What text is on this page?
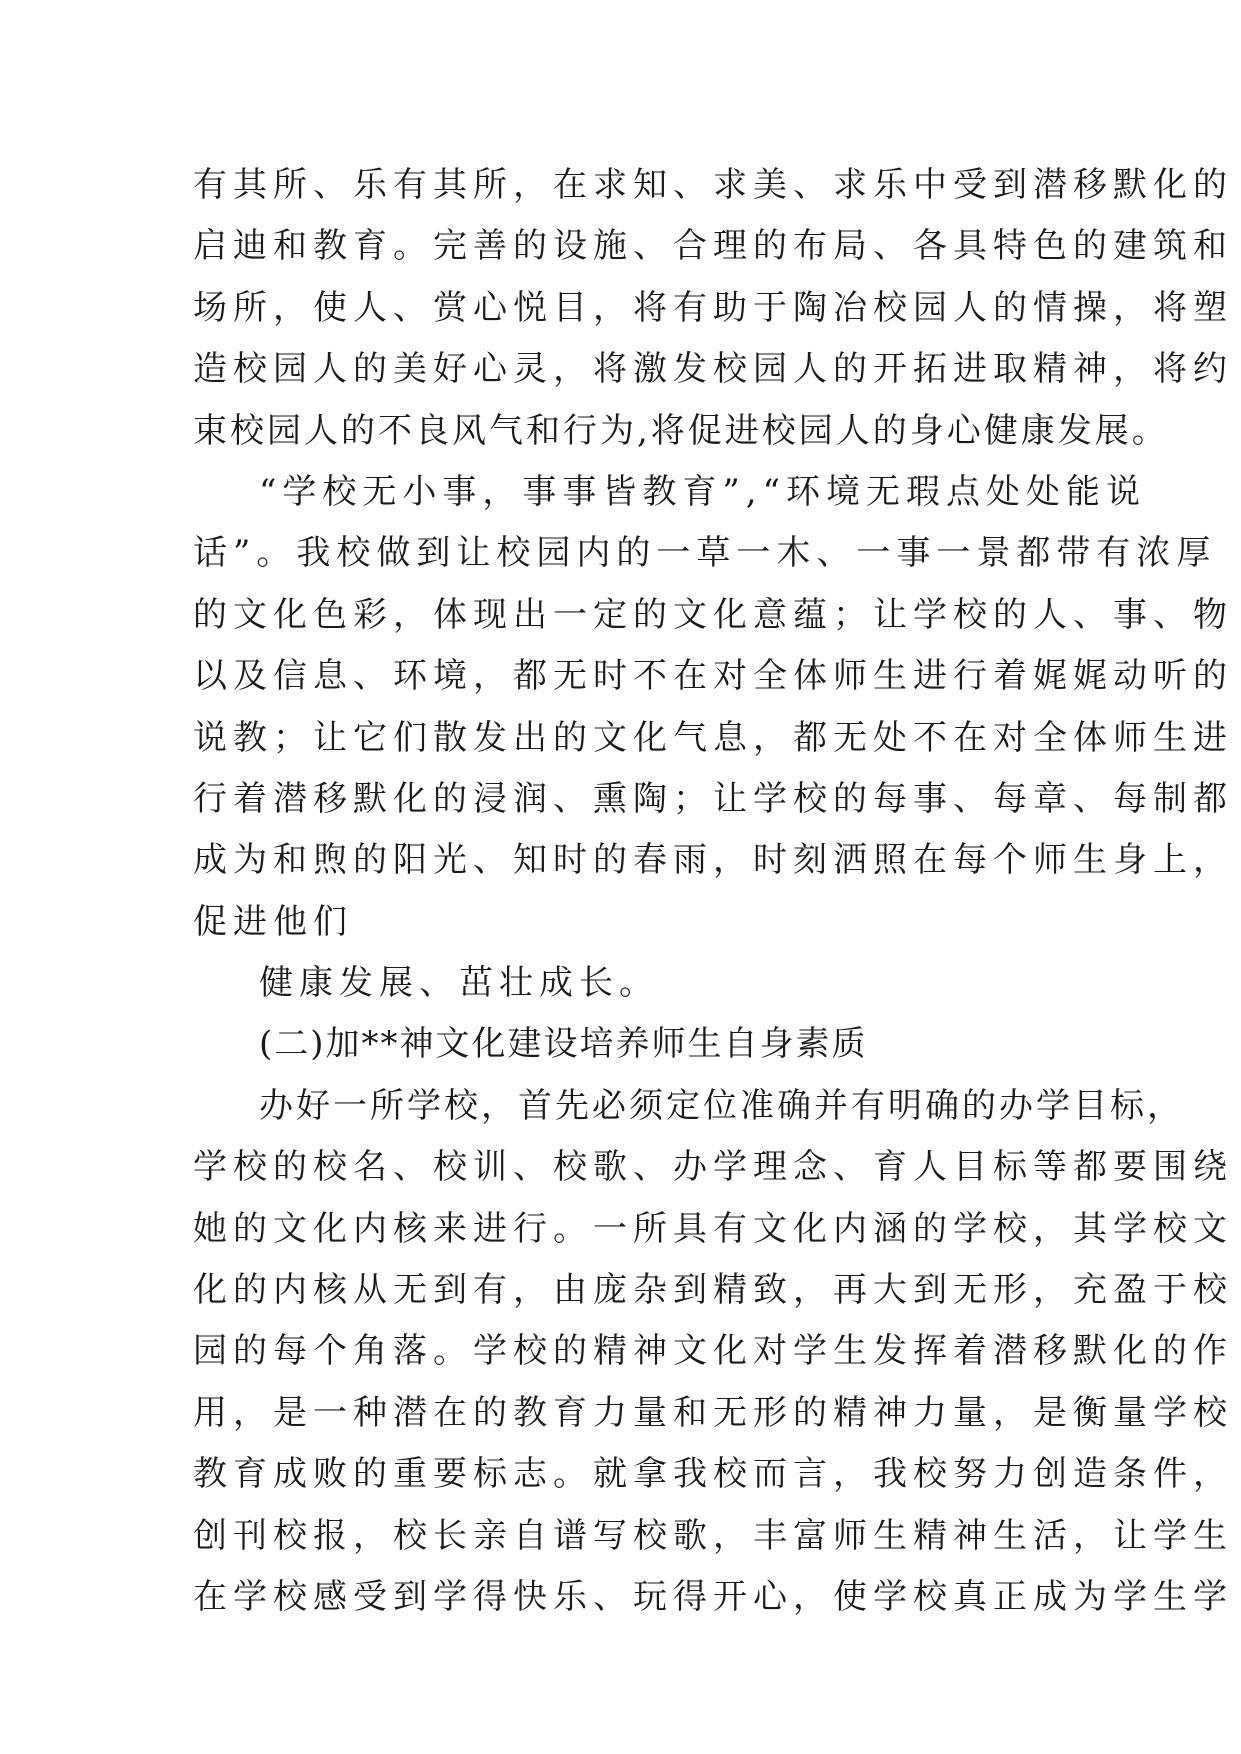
有其所、乐有其所，在求知、求美、求乐中受到潜移默化的
启迪和教育。完善的设施、合理的布局、各具特色的建筑和
场所，使人、赏心悦目，将有助于陶冶校园人的情操，将塑
造校园人的美好心灵，将激发校园人的开拓进取精神，将约
束校园人的不良风气和行为,将促进校园人的身心健康发展。
“学校无小事，事事皆教育”,“环境无瑕点处处能说
话”。我校做到让校园内的一草一木、一事一景都带有浓厚
的文化色彩，体现出一定的文化意蕴；让学校的人、事、物
以及信息、环境，都无时不在对全体师生进行着娓娓动听的
说教；让它们散发出的文化气息，都无处不在对全体师生进
行着潜移默化的浸润、熏陶；让学校的每事、每章、每制都
成为和煦的阳光、知时的春雨，时刻洒照在每个师生身上，
促进他们
健康发展、茁壮成长。
(二)加**神文化建设培养师生自身素质
办好一所学校，首先必须定位准确并有明确的办学目标，
学校的校名、校训、校歌、办学理念、育人目标等都要围绕
她的文化内核来进行。一所具有文化内涵的学校，其学校文
化的内核从无到有，由庞杂到精致，再大到无形，充盈于校
园的每个角落。学校的精神文化对学生发挥着潜移默化的作
用，是一种潜在的教育力量和无形的精神力量，是衡量学校
教育成败的重要标志。就拿我校而言，我校努力创造条件，
创刊校报，校长亲自谱写校歌，丰富师生精神生活，让学生
在学校感受到学得快乐、玩得开心，使学校真正成为学生学
